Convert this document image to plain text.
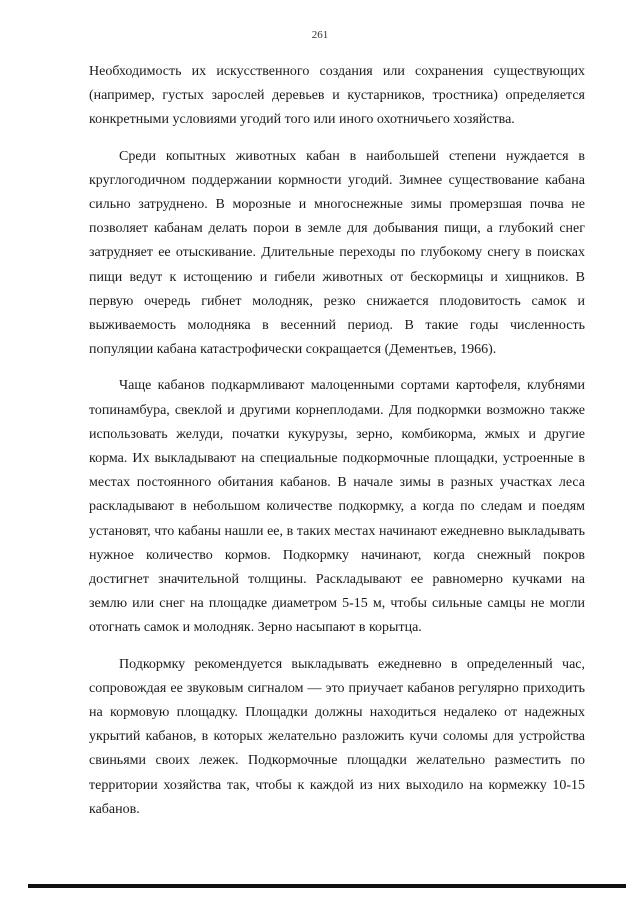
261

Необходимость их искусственного создания или сохранения существующих (например, густых зарослей деревьев и кустарников, тростника) определяется конкретными условиями угодий того или иного охотничьего хозяйства.

Среди копытных животных кабан в наибольшей степени нуждается в круглогодичном поддержании кормности угодий. Зимнее существование кабана сильно затруднено. В морозные и многоснежные зимы промерзшая почва не позволяет кабанам делать порои в земле для добывания пищи, а глубокий снег затрудняет ее отыскивание. Длительные переходы по глубокому снегу в поисках пищи ведут к истощению и гибели животных от бескормицы и хищников. В первую очередь гибнет молодняк, резко снижается плодовитость самок и выживаемость молодняка в весенний период. В такие годы численность популяции кабана катастрофически сокращается (Дементьев, 1966).

Чаще кабанов подкармливают малоценными сортами картофеля, клубнями топинамбура, свеклой и другими корнеплодами. Для подкормки возможно также использовать желуди, початки кукурузы, зерно, комбикорма, жмых и другие корма. Их выкладывают на специальные подкормочные площадки, устроенные в местах постоянного обитания кабанов. В начале зимы в разных участках леса раскладывают в небольшом количестве подкормку, а когда по следам и поедям установят, что кабаны нашли ее, в таких местах начинают ежедневно выкладывать нужное количество кормов. Подкормку начинают, когда снежный покров достигнет значительной толщины. Раскладывают ее равномерно кучками на землю или снег на площадке диаметром 5-15 м, чтобы сильные самцы не могли отогнать самок и молодняк. Зерно насыпают в корытца.

Подкормку рекомендуется выкладывать ежедневно в определенный час, сопровождая ее звуковым сигналом — это приучает кабанов регулярно приходить на кормовую площадку. Площадки должны находиться недалеко от надежных укрытий кабанов, в которых желательно разложить кучи соломы для устройства свиньями своих лежек. Подкормочные площадки желательно разместить по территории хозяйства так, чтобы к каждой из них выходило на кормежку 10-15 кабанов.
